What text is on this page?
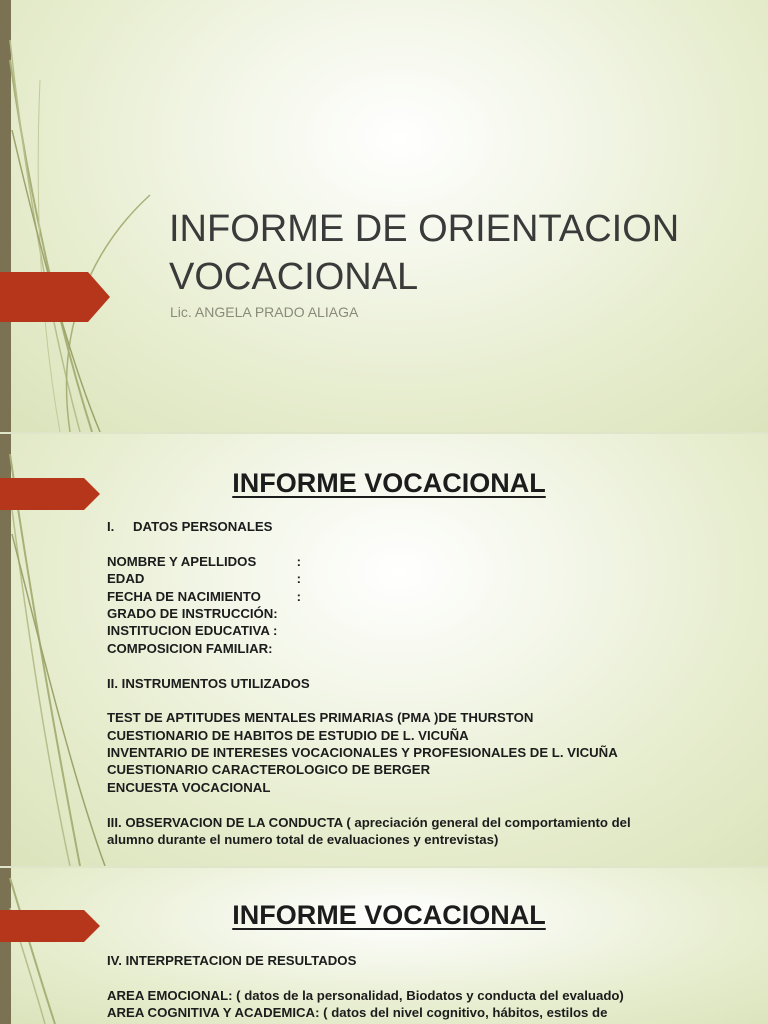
INFORME DE ORIENTACION
VOCACIONAL
Lic. ANGELA PRADO ALIAGA
INFORME VOCACIONAL
I. DATOS PERSONALES
NOMBRE Y APELLIDOS	:
EDAD	:
FECHA DE NACIMIENTO	:
GRADO DE INSTRUCCIÓN:
INSTITUCION EDUCATIVA :
COMPOSICION FAMILIAR:
II. INSTRUMENTOS UTILIZADOS
TEST DE APTITUDES MENTALES PRIMARIAS (PMA )DE THURSTON
CUESTIONARIO DE HABITOS DE ESTUDIO DE L. VICUÑA
INVENTARIO DE INTERESES VOCACIONALES Y PROFESIONALES DE L. VICUÑA
CUESTIONARIO CARACTEROLOGICO DE BERGER
ENCUESTA VOCACIONAL
III. OBSERVACION DE LA CONDUCTA ( apreciación general del comportamiento del
alumno durante el numero total de evaluaciones y entrevistas)
INFORME VOCACIONAL
IV. INTERPRETACION DE RESULTADOS
AREA EMOCIONAL: ( datos de la personalidad, Biodatos y conducta del evaluado)
AREA COGNITIVA Y ACADEMICA: ( datos del nivel cognitivo, hábitos, estilos de
